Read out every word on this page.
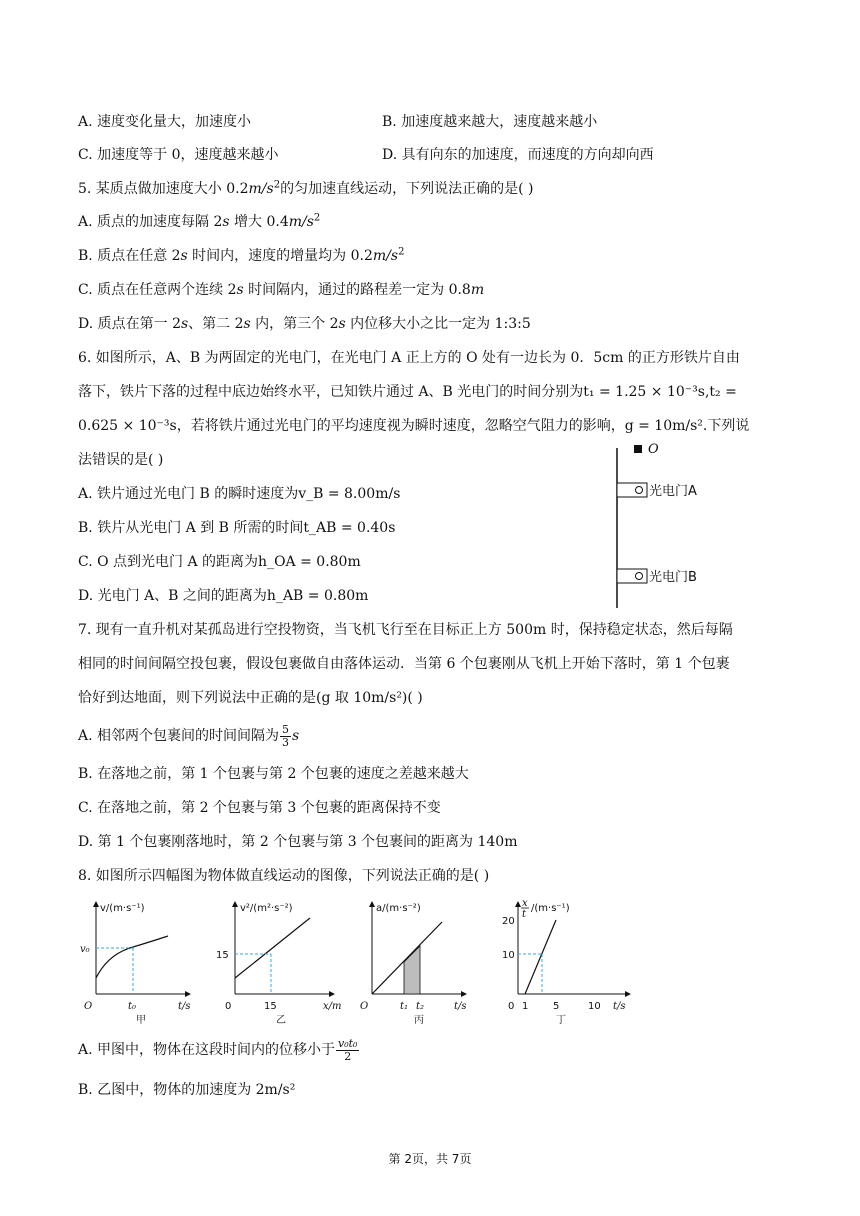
A. 速度变化量大，加速度小	B. 加速度越来越大，速度越来越小
C. 加速度等于 0，速度越来越小	D. 具有向东的加速度，而速度的方向却向西
5. 某质点做加速度大小 $0.2m/s^2$的匀加速直线运动，下列说法正确的是( )
A. 质点的加速度每隔 2s 增大 $0.4m/s^2$
B. 质点在任意 2s 时间内，速度的增量均为 $0.2m/s^2$
C. 质点在任意两个连续 2s 时间隔内，通过的路程差一定为 0.8m
D. 质点在第一 2s、第二 2s 内，第三个 2s 内位移大小之比一定为 1:3:5
6. 如图所示，A、B 为两固定的光电门，在光电门 A 正上方的 O 处有一边长为 0．5cm 的正方形铁片自由
落下，铁片下落的过程中底边始终水平，已知铁片通过 A、B 光电门的时间分别为t₁ = 1.25 × 10⁻³s,t₂ =
0.625 × 10⁻³s，若将铁片通过光电门的平均速度视为瞬时速度，忽略空气阻力的影响，g = 10m/s².下列说
法错误的是( )
A. 铁片通过光电门 B 的瞬时速度为v_B = 8.00m/s
B. 铁片从光电门 A 到 B 所需的时间t_AB = 0.40s
C. O 点到光电门 A 的距离为h_OA = 0.80m
D. 光电门 A、B 之间的距离为h_AB = 0.80m
O
光电门A
光电门B
7. 现有一直升机对某孤岛进行空投物资，当飞机飞行至在目标正上方 500m 时，保持稳定状态，然后每隔
相同的时间间隔空投包裹，假设包裹做自由落体运动．当第 6 个包裹刚从飞机上开始下落时，第 1 个包裹
恰好到达地面，则下列说法中正确的是(g 取 10m/s²)( )
A. 相邻两个包裹间的时间间隔为 $\frac{5}{3}$ s
B. 在落地之前，第 1 个包裹与第 2 个包裹的速度之差越来越大
C. 在落地之前，第 2 个包裹与第 3 个包裹的距离保持不变
D. 第 1 个包裹刚落地时，第 2 个包裹与第 3 个包裹间的距离为 140m
8. 如图所示四幅图为物体做直线运动的图像，下列说法正确的是( )
v/(m·s⁻¹)
v₀
O	t₀	t/s
甲
v²/(m²·s⁻²)
15
0	15	x/m
乙
a/(m·s⁻²)
O	t₁ t₂	t/s
丙
x
t
/(m·s⁻¹)
20
10
0 1 5	10 t/s
丁
A. 甲图中，物体在这段时间内的位移小于 $\frac{\text{v₀t₀}}{2}$
B. 乙图中，物体的加速度为 2m/s²
第 2页，共 7页
